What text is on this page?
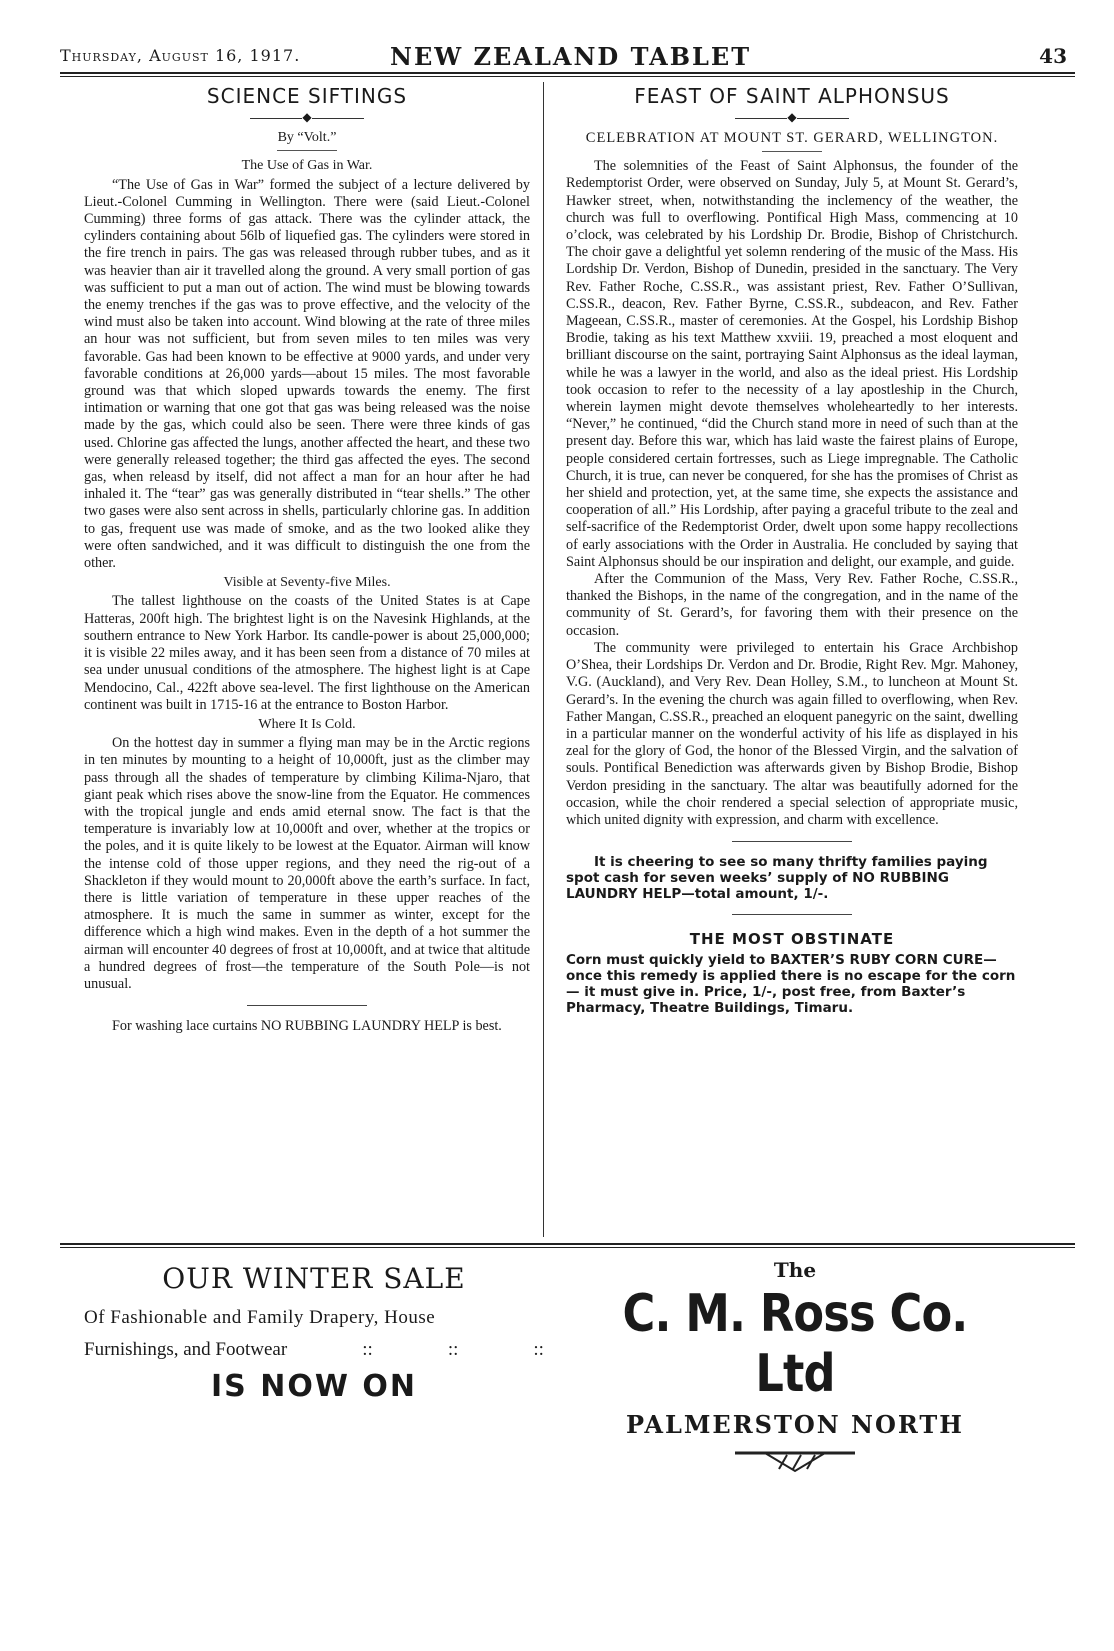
Thursday, August 16, 1917.	NEW ZEALAND TABLET	43
SCIENCE SIFTINGS
◆
By “Volt.”
The Use of Gas in War.

“The Use of Gas in War” formed the subject of a lecture delivered by Lieut.-Colonel Cumming in Wellington. There were (said Lieut.-Colonel Cumming) three forms of gas attack. There was the cylinder attack, the cylinders containing about 56lb of liquefied gas. The cylinders were stored in the fire trench in pairs. The gas was released through rubber tubes, and as it was heavier than air it travelled along the ground. A very small portion of gas was sufficient to put a man out of action. The wind must be blowing towards the enemy trenches if the gas was to prove effective, and the velocity of the wind must also be taken into account. Wind blowing at the rate of three miles an hour was not sufficient, but from seven miles to ten miles was very favorable. Gas had been known to be effective at 9000 yards, and under very favorable conditions at 26,000 yards—about 15 miles. The most favorable ground was that which sloped upwards towards the enemy. The first intimation or warning that one got that gas was being released was the noise made by the gas, which could also be seen. There were three kinds of gas used. Chlorine gas affected the lungs, another affected the heart, and these two were generally released together; the third gas affected the eyes. The second gas, when releasd by itself, did not affect a man for an hour after he had inhaled it. The “tear” gas was generally distributed in “tear shells.” The other two gases were also sent across in shells, particularly chlorine gas. In addition to gas, frequent use was made of smoke, and as the two looked alike they were often sandwiched, and it was difficult to distinguish the one from the other.

Visible at Seventy-five Miles.

The tallest lighthouse on the coasts of the United States is at Cape Hatteras, 200ft high. The brightest light is on the Navesink Highlands, at the southern entrance to New York Harbor. Its candle-power is about 25,000,000; it is visible 22 miles away, and it has been seen from a distance of 70 miles at sea under unusual conditions of the atmosphere. The highest light is at Cape Mendocino, Cal., 422ft above sea-level. The first lighthouse on the American continent was built in 1715-16 at the entrance to Boston Harbor.

Where It Is Cold.

On the hottest day in summer a flying man may be in the Arctic regions in ten minutes by mounting to a height of 10,000ft, just as the climber may pass through all the shades of temperature by climbing Kilima-Njaro, that giant peak which rises above the snow-line from the Equator. He commences with the tropical jungle and ends amid eternal snow. The fact is that the temperature is invariably low at 10,000ft and over, whether at the tropics or the poles, and it is quite likely to be lowest at the Equator. Airman will know the intense cold of those upper regions, and they need the rig-out of a Shackleton if they would mount to 20,000ft above the earth’s surface. In fact, there is little variation of temperature in these upper reaches of the atmosphere. It is much the same in summer as winter, except for the difference which a high wind makes. Even in the depth of a hot summer the airman will encounter 40 degrees of frost at 10,000ft, and at twice that altitude a hundred degrees of frost—the temperature of the South Pole—is not unusual.

For washing lace curtains NO RUBBING LAUNDRY HELP is best.

FEAST OF SAINT ALPHONSUS
◆
CELEBRATION AT MOUNT ST. GERARD, WELLINGTON.

The solemnities of the Feast of Saint Alphonsus, the founder of the Redemptorist Order, were observed on Sunday, July 5, at Mount St. Gerard’s, Hawker street, when, notwithstanding the inclemency of the weather, the church was full to overflowing. Pontifical High Mass, commencing at 10 o’clock, was celebrated by his Lordship Dr. Brodie, Bishop of Christchurch. The choir gave a delightful yet solemn rendering of the music of the Mass. His Lordship Dr. Verdon, Bishop of Dunedin, presided in the sanctuary. The Very Rev. Father Roche, C.SS.R., was assistant priest, Rev. Father O’Sullivan, C.SS.R., deacon, Rev. Father Byrne, C.SS.R., subdeacon, and Rev. Father Mageean, C.SS.R., master of ceremonies. At the Gospel, his Lordship Bishop Brodie, taking as his text Matthew xxviii. 19, preached a most eloquent and brilliant discourse on the saint, portraying Saint Alphonsus as the ideal layman, while he was a lawyer in the world, and also as the ideal priest. His Lordship took occasion to refer to the necessity of a lay apostleship in the Church, wherein laymen might devote themselves wholeheartedly to her interests. “Never,” he continued, “did the Church stand more in need of such than at the present day. Before this war, which has laid waste the fairest plains of Europe, people considered certain fortresses, such as Liege impregnable. The Catholic Church, it is true, can never be conquered, for she has the promises of Christ as her shield and protection, yet, at the same time, she expects the assistance and cooperation of all.” His Lordship, after paying a graceful tribute to the zeal and self-sacrifice of the Redemptorist Order, dwelt upon some happy recollections of early associations with the Order in Australia. He concluded by saying that Saint Alphonsus should be our inspiration and delight, our example, and guide.

After the Communion of the Mass, Very Rev. Father Roche, C.SS.R., thanked the Bishops, in the name of the congregation, and in the name of the community of St. Gerard’s, for favoring them with their presence on the occasion.

The community were privileged to entertain his Grace Archbishop O’Shea, their Lordships Dr. Verdon and Dr. Brodie, Right Rev. Mgr. Mahoney, V.G. (Auckland), and Very Rev. Dean Holley, S.M., to luncheon at Mount St. Gerard’s. In the evening the church was again filled to overflowing, when Rev. Father Mangan, C.SS.R., preached an eloquent panegyric on the saint, dwelling in a particular manner on the wonderful activity of his life as displayed in his zeal for the glory of God, the honor of the Blessed Virgin, and the salvation of souls. Pontifical Benediction was afterwards given by Bishop Brodie, Bishop Verdon presiding in the sanctuary. The altar was beautifully adorned for the occasion, while the choir rendered a special selection of appropriate music, which united dignity with expression, and charm with excellence.

It is cheering to see so many thrifty families paying spot cash for seven weeks’ supply of NO RUBBING LAUNDRY HELP—total amount, 1/-.

THE MOST OBSTINATE
Corn must quickly yield to BAXTER’S RUBY CORN CURE—once this remedy is applied there is no escape for the corn— it must give in. Price, 1/-, post free, from Baxter’s Pharmacy, Theatre Buildings, Timaru.
OUR WINTER SALE
Of Fashionable and Family Drapery, House
Furnishings, and Footwear	::	::	::
IS NOW ON
The
C. M. Ross Co. Ltd
PALMERSTON NORTH
